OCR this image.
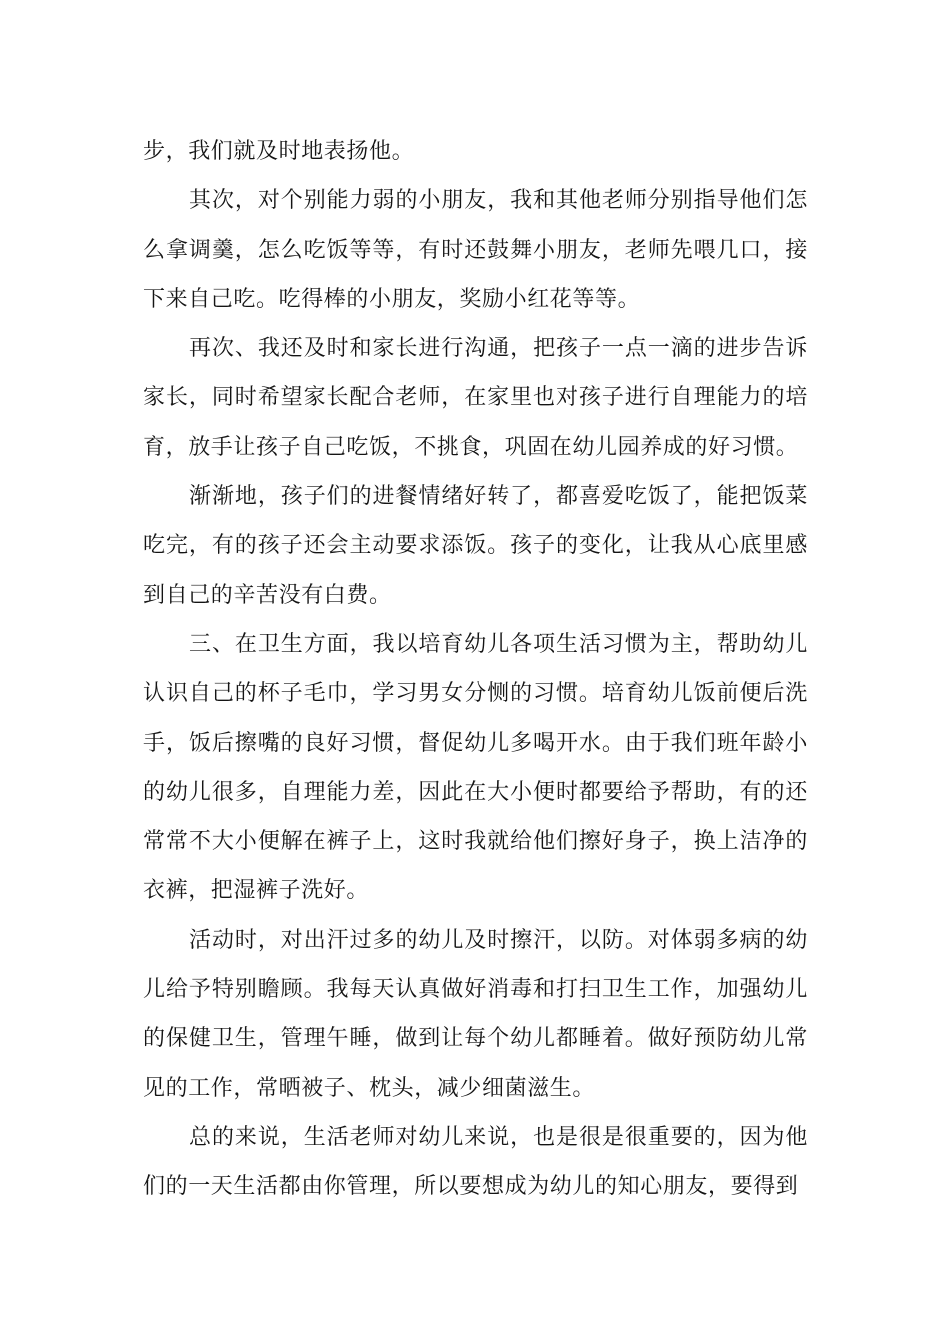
步，我们就及时地表扬他。

其次，对个别能力弱的小朋友，我和其他老师分别指导他们怎么拿调羹，怎么吃饭等等，有时还鼓舞小朋友，老师先喂几口，接下来自己吃。吃得棒的小朋友，奖励小红花等等。

再次、我还及时和家长进行沟通，把孩子一点一滴的进步告诉家长，同时希望家长配合老师，在家里也对孩子进行自理能力的培育，放手让孩子自己吃饭，不挑食，巩固在幼儿园养成的好习惯。

渐渐地，孩子们的进餐情绪好转了，都喜爱吃饭了，能把饭菜吃完，有的孩子还会主动要求添饭。孩子的变化，让我从心底里感到自己的辛苦没有白费。

三、在卫生方面，我以培育幼儿各项生活习惯为主，帮助幼儿认识自己的杯子毛巾，学习男女分恻的习惯。培育幼儿饭前便后洗手，饭后擦嘴的良好习惯，督促幼儿多喝开水。由于我们班年龄小的幼儿很多，自理能力差，因此在大小便时都要给予帮助，有的还常常不大小便解在裤子上，这时我就给他们擦好身子，换上洁净的衣裤，把湿裤子洗好。

活动时，对出汗过多的幼儿及时擦汗，以防。对体弱多病的幼儿给予特别瞻顾。我每天认真做好消毒和打扫卫生工作，加强幼儿的保健卫生，管理午睡，做到让每个幼儿都睡着。做好预防幼儿常见的工作，常晒被子、枕头，减少细菌滋生。

总的来说，生活老师对幼儿来说，也是很是很重要的，因为他们的一天生活都由你管理，所以要想成为幼儿的知心朋友，要得到
